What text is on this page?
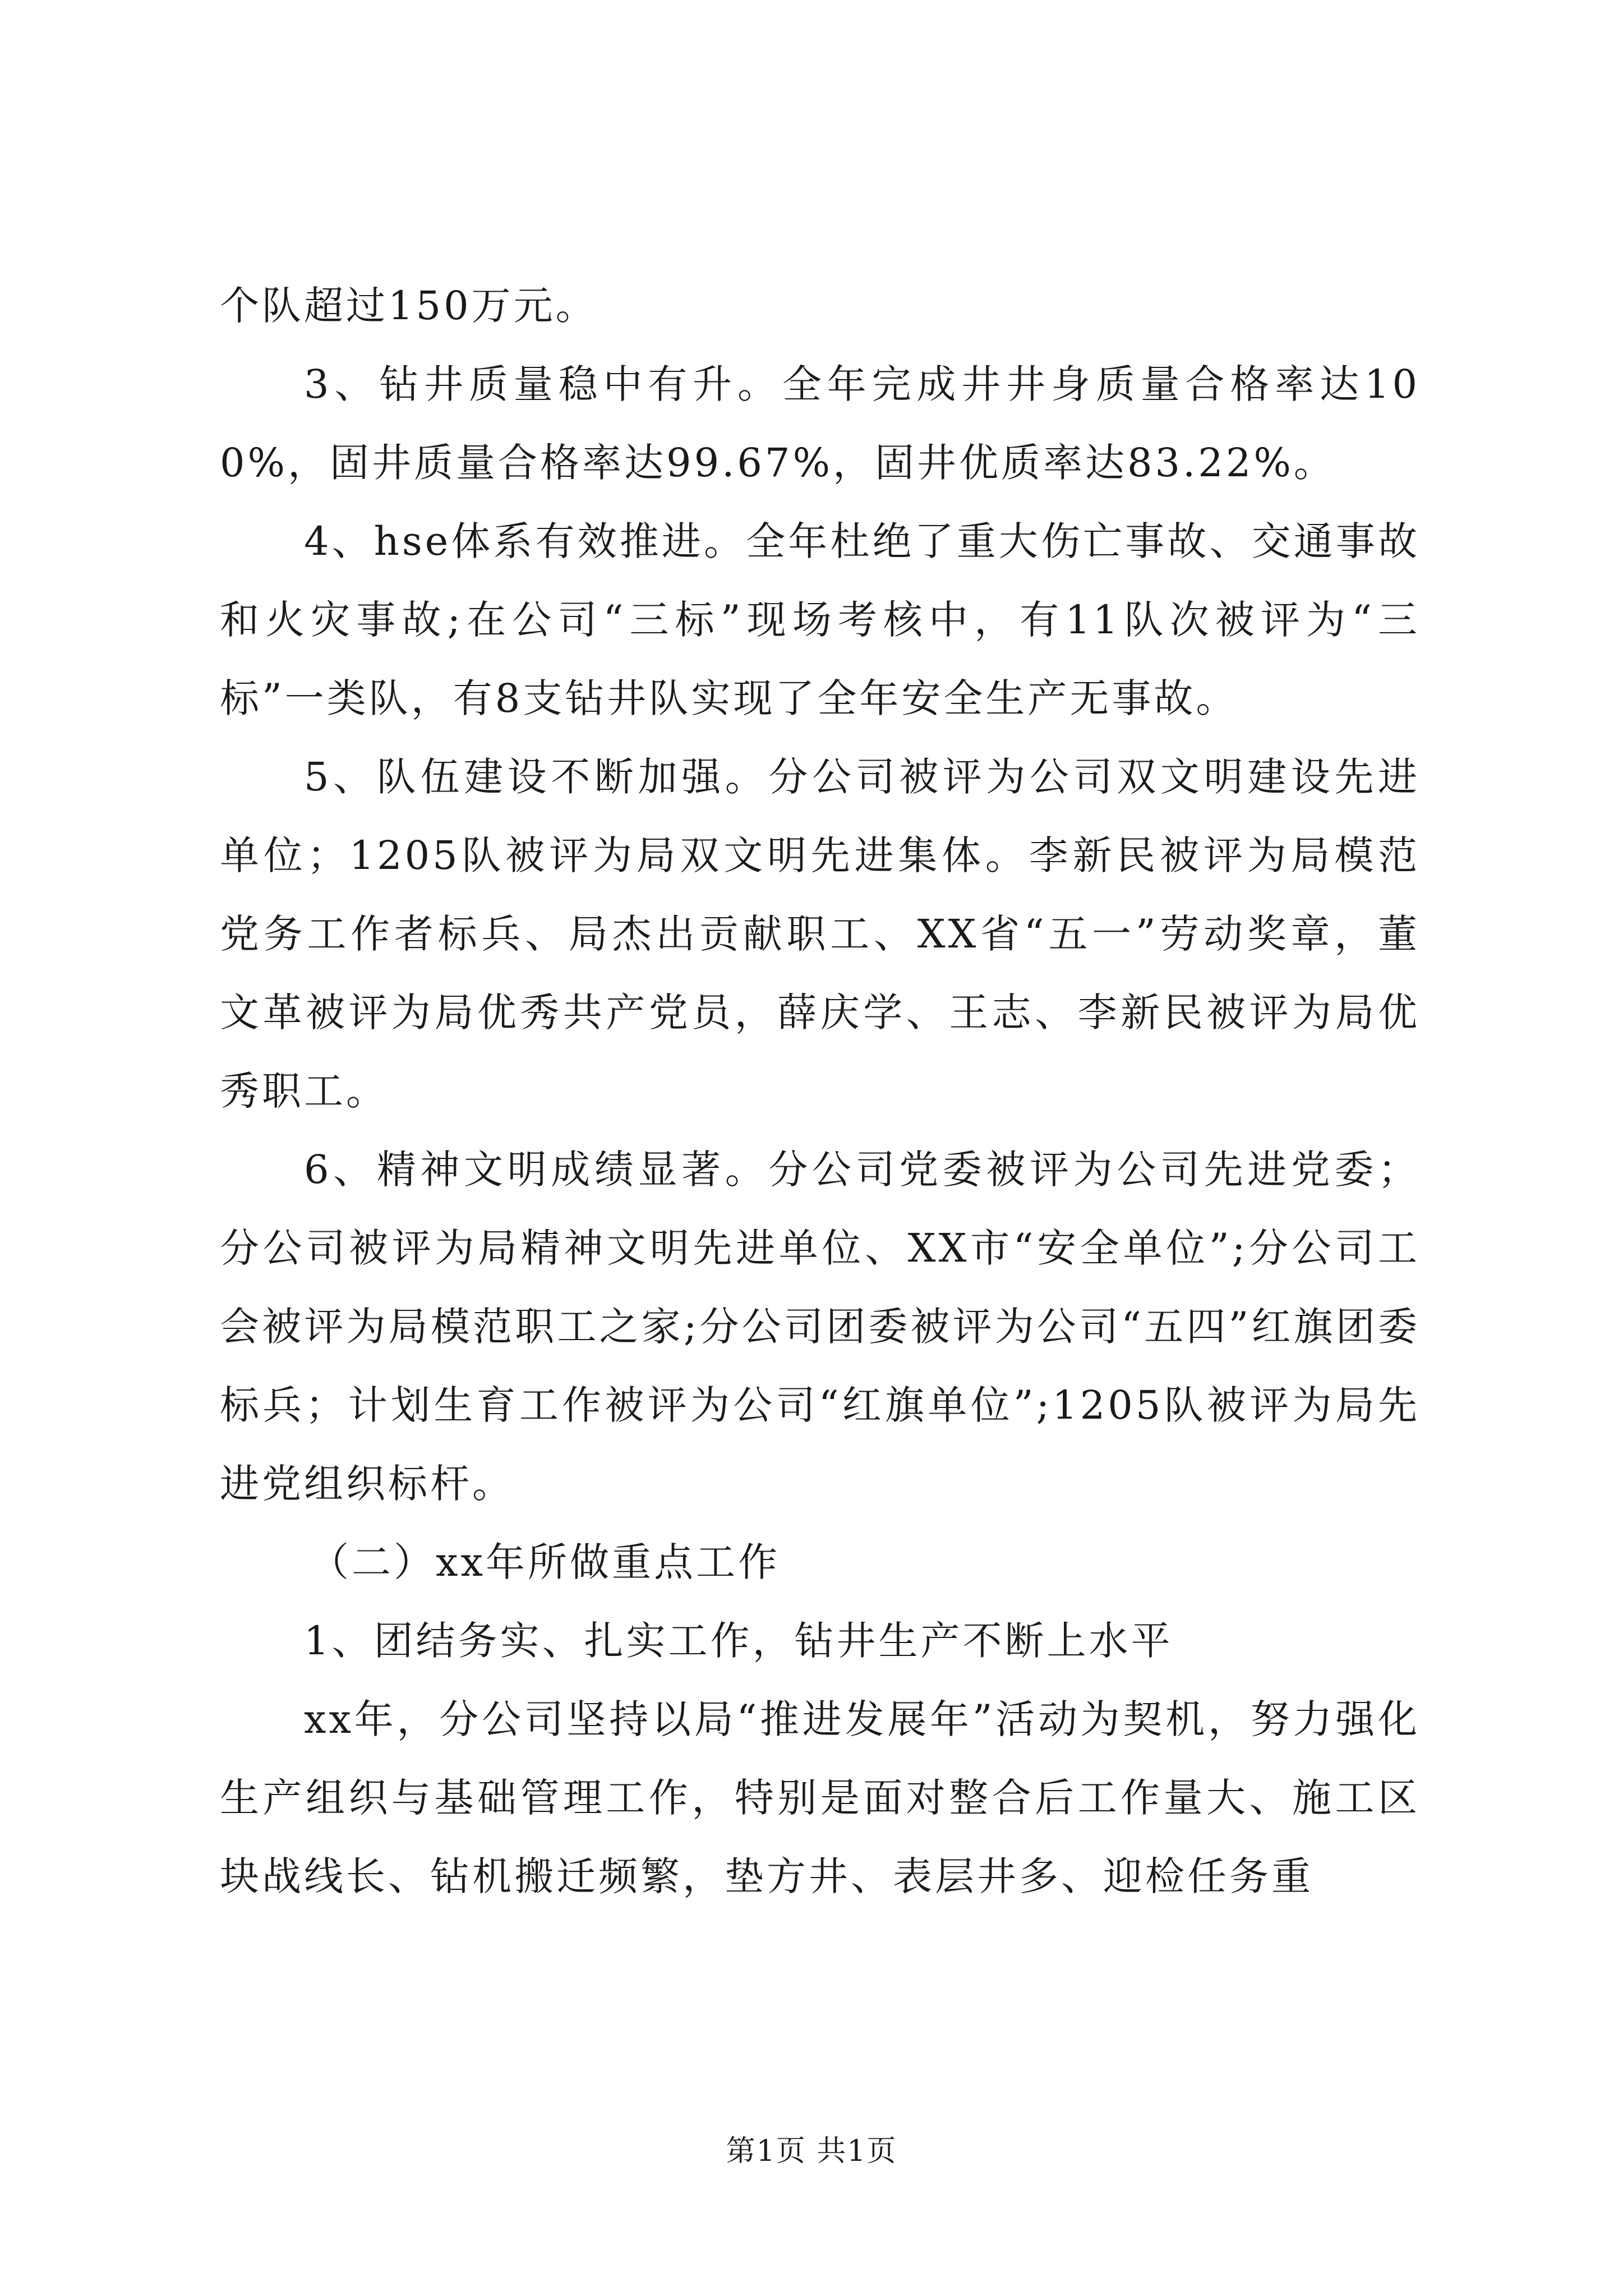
个队超过150万元。

3、钻井质量稳中有升。全年完成井井身质量合格率达100%，固井质量合格率达99.67%，固井优质率达83.22%。

4、hse体系有效推进。全年杜绝了重大伤亡事故、交通事故和火灾事故;在公司“三标”现场考核中，有11队次被评为“三标”一类队，有8支钻井队实现了全年安全生产无事故。

5、队伍建设不断加强。分公司被评为公司双文明建设先进单位；1205队被评为局双文明先进集体。李新民被评为局模范党务工作者标兵、局杰出贡献职工、XX省“五一”劳动奖章，董文革被评为局优秀共产党员，薛庆学、王志、李新民被评为局优秀职工。

6、精神文明成绩显著。分公司党委被评为公司先进党委；分公司被评为局精神文明先进单位、XX市“安全单位”;分公司工会被评为局模范职工之家;分公司团委被评为公司“五四”红旗团委标兵；计划生育工作被评为公司“红旗单位”;1205队被评为局先进党组织标杆。

（二）xx年所做重点工作

1、团结务实、扎实工作，钻井生产不断上水平

xx年，分公司坚持以局“推进发展年”活动为契机，努力强化生产组织与基础管理工作，特别是面对整合后工作量大、施工区块战线长、钻机搬迁频繁，垫方井、表层井多、迎检任务重

第1页 共1页
